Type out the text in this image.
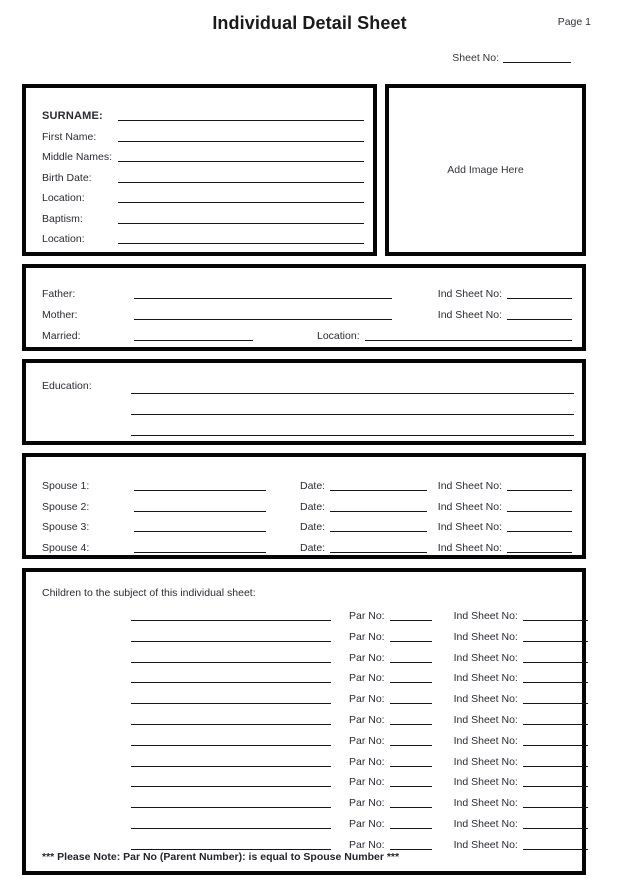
Individual Detail Sheet	Page 1
Sheet No:
SURNAME:
First Name:
Middle Names:
Birth Date:
Location:
Baptism:
Location:
Add Image Here
Father:	Ind Sheet No:
Mother:	Ind Sheet No:
Married:	Location:
Education:
Spouse 1:	Date:	Ind Sheet No:
Spouse 2:	Date:	Ind Sheet No:
Spouse 3:	Date:	Ind Sheet No:
Spouse 4:	Date:	Ind Sheet No:
Children to the subject of this individual sheet:
Par No:	Ind Sheet No:
Par No:	Ind Sheet No:
Par No:	Ind Sheet No:
Par No:	Ind Sheet No:
Par No:	Ind Sheet No:
Par No:	Ind Sheet No:
Par No:	Ind Sheet No:
Par No:	Ind Sheet No:
Par No:	Ind Sheet No:
Par No:	Ind Sheet No:
Par No:	Ind Sheet No:
Par No:	Ind Sheet No:
*** Please Note: Par No (Parent Number): is equal to Spouse Number ***
